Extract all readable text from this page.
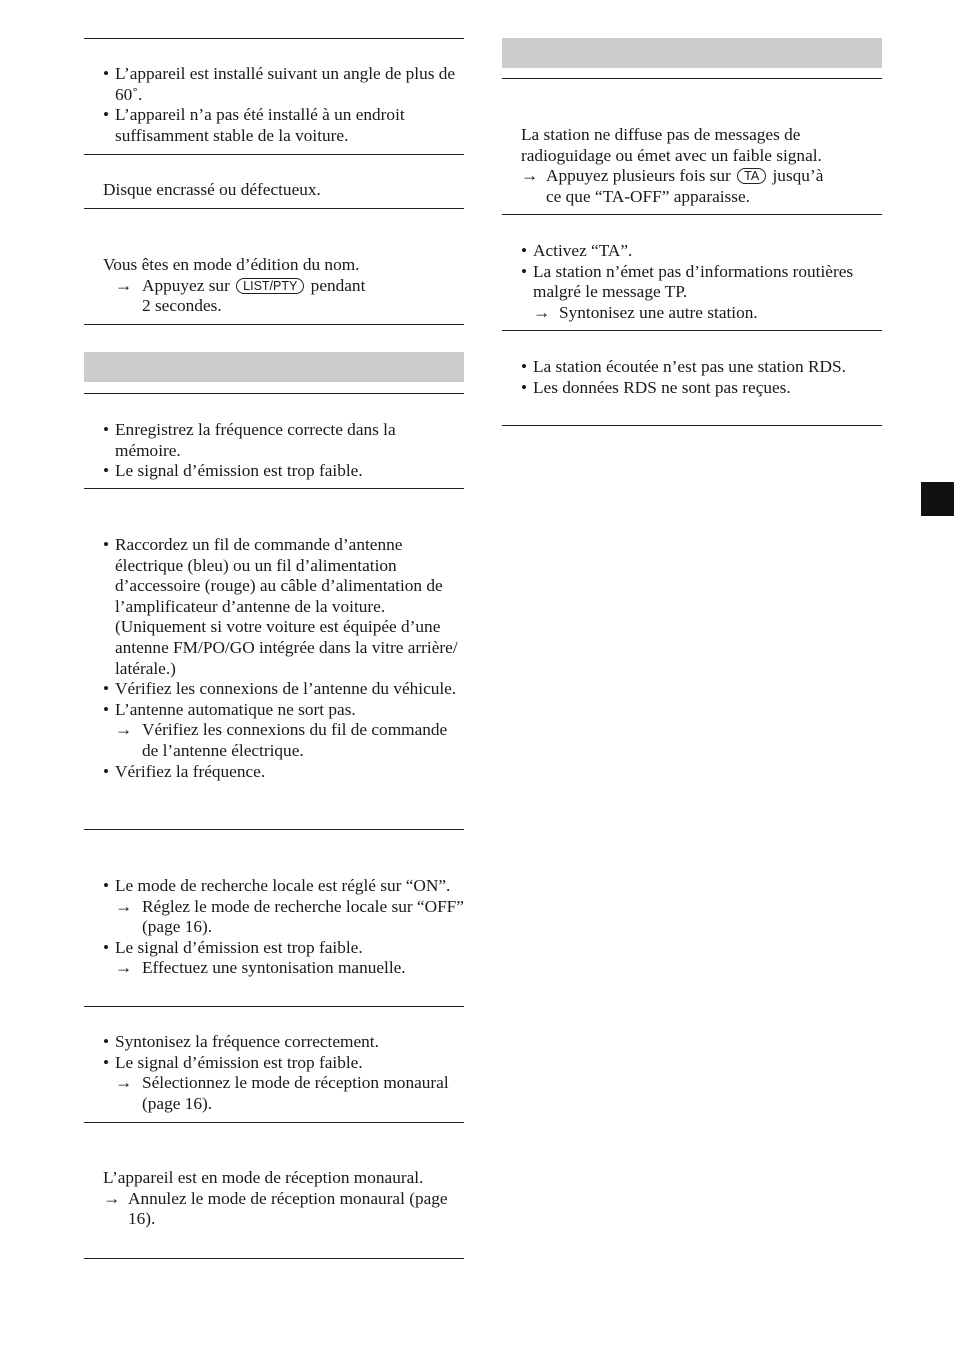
• L’appareil est installé suivant un angle de plus de 60˚.
• L’appareil n’a pas été installé à un endroit suffisamment stable de la voiture.
Disque encrassé ou défectueux.
Vous êtes en mode d’édition du nom.
→ Appuyez sur LIST/PTY pendant
2 secondes.
• Enregistrez la fréquence correcte dans la mémoire.
• Le signal d’émission est trop faible.
• Raccordez un fil de commande d’antenne électrique (bleu) ou un fil d’alimentation d’accessoire (rouge) au câble d’alimentation de l’amplificateur d’antenne de la voiture. (Uniquement si votre voiture est équipée d’une antenne FM/PO/GO intégrée dans la vitre arrière/ latérale.)
• Vérifiez les connexions de l’antenne du véhicule.
• L’antenne automatique ne sort pas.
→ Vérifiez les connexions du fil de commande de l’antenne électrique.
• Vérifiez la fréquence.
• Le mode de recherche locale est réglé sur “ON”.
→ Réglez le mode de recherche locale sur “OFF” (page 16).
• Le signal d’émission est trop faible.
→ Effectuez une syntonisation manuelle.
• Syntonisez la fréquence correctement.
• Le signal d’émission est trop faible.
→ Sélectionnez le mode de réception monaural (page 16).
L’appareil est en mode de réception monaural.
→ Annulez le mode de réception monaural (page 16).
La station ne diffuse pas de messages de radioguidage ou émet avec un faible signal.
→ Appuyez plusieurs fois sur TA jusqu’à
ce que “TA-OFF” apparaisse.
• Activez “TA”.
• La station n’émet pas d’informations routières malgré le message TP.
→ Syntonisez une autre station.
• La station écoutée n’est pas une station RDS.
• Les données RDS ne sont pas reçues.
